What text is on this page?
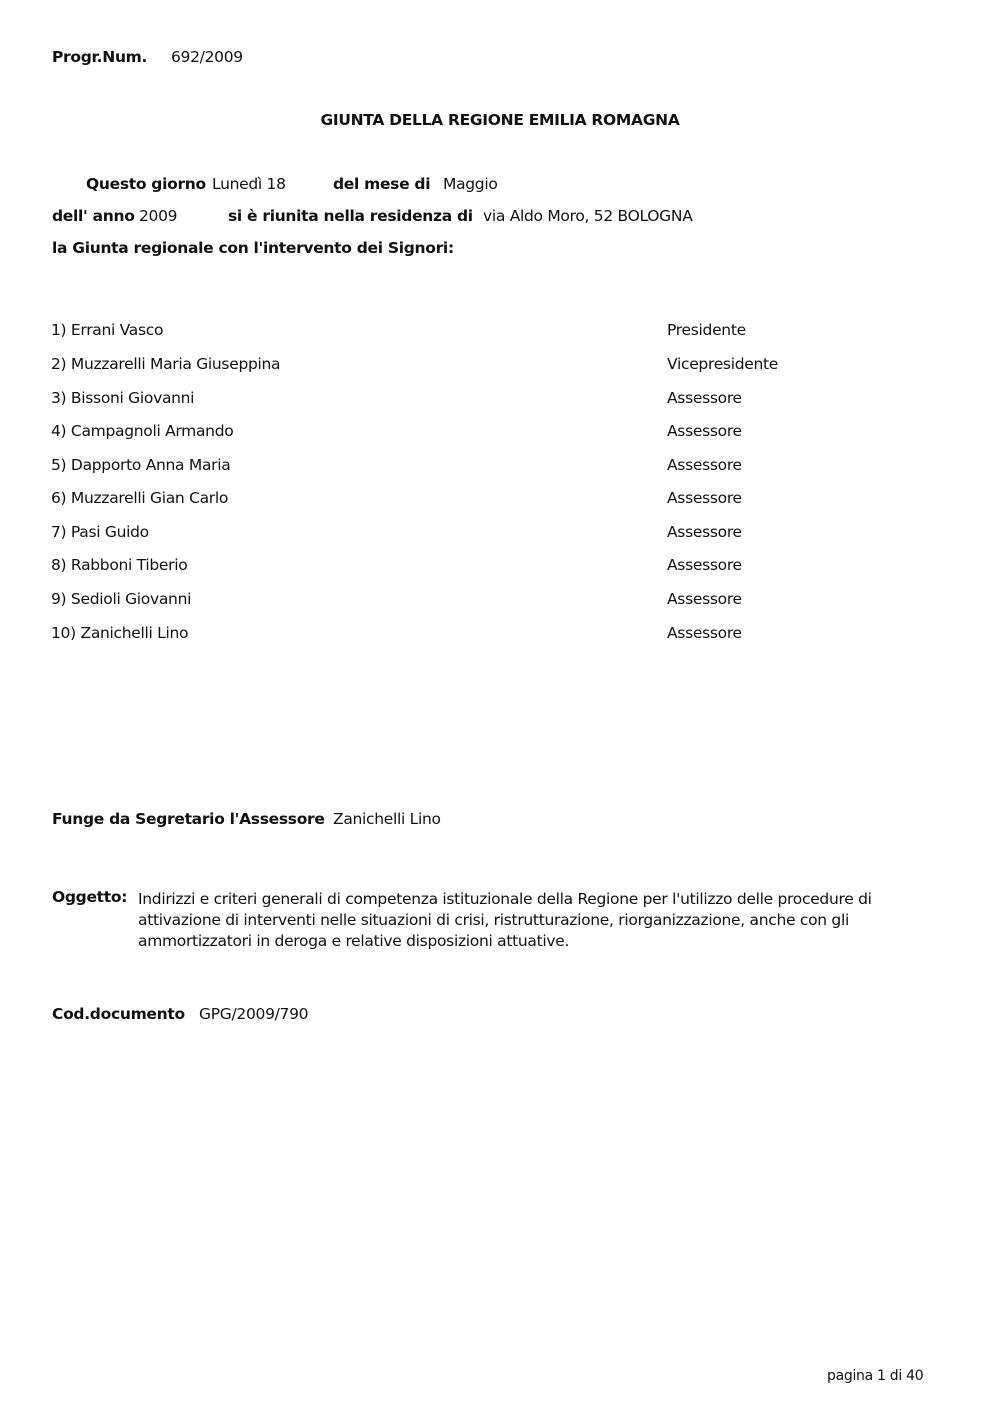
Progr.Num. 692/2009
GIUNTA DELLA REGIONE EMILIA ROMAGNA
Questo giorno Lunedì 18	del mese di Maggio
dell' anno 2009	si è riunita nella residenza di via Aldo Moro, 52 BOLOGNA
la Giunta regionale con l'intervento dei Signori:
1) Errani Vasco	Presidente
2) Muzzarelli Maria Giuseppina	Vicepresidente
3) Bissoni Giovanni	Assessore
4) Campagnoli Armando	Assessore
5) Dapporto Anna Maria	Assessore
6) Muzzarelli Gian Carlo	Assessore
7) Pasi Guido	Assessore
8) Rabboni Tiberio	Assessore
9) Sedioli Giovanni	Assessore
10) Zanichelli Lino	Assessore
Funge da Segretario l'Assessore Zanichelli Lino
Oggetto: Indirizzi e criteri generali di competenza istituzionale della Regione per l'utilizzo delle procedure di attivazione di interventi nelle situazioni di crisi, ristrutturazione, riorganizzazione, anche con gli ammortizzatori in deroga e relative disposizioni attuative.
Cod.documento GPG/2009/790
pagina 1 di 40
